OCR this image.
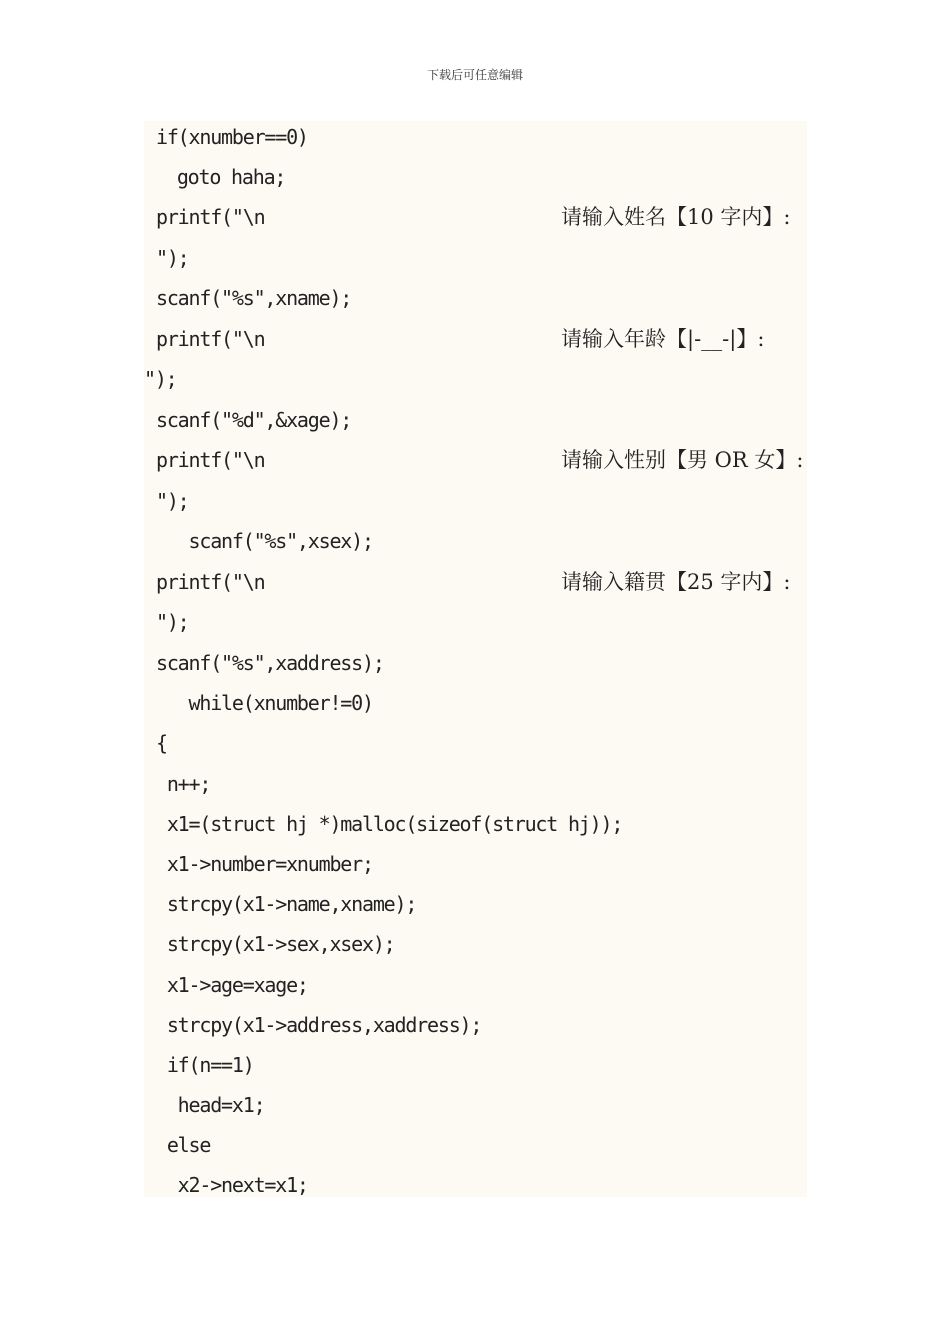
下载后可任意编辑
if(xnumber==0)
goto haha;
printf("\n	请输入姓名【10 字内】:
");
scanf("%s",xname);
printf("\n	请输入年龄【|-__-|】:
");
scanf("%d",&xage);
printf("\n	请输入性别【男 OR 女】:
");
scanf("%s",xsex);
printf("\n	请输入籍贯【25 字内】:
");
scanf("%s",xaddress);
while(xnumber!=0)
{
n++;
x1=(struct hj *)malloc(sizeof(struct hj));
x1->number=xnumber;
strcpy(x1->name,xname);
strcpy(x1->sex,xsex);
x1->age=xage;
strcpy(x1->address,xaddress);
if(n==1)
head=x1;
else
x2->next=x1;
